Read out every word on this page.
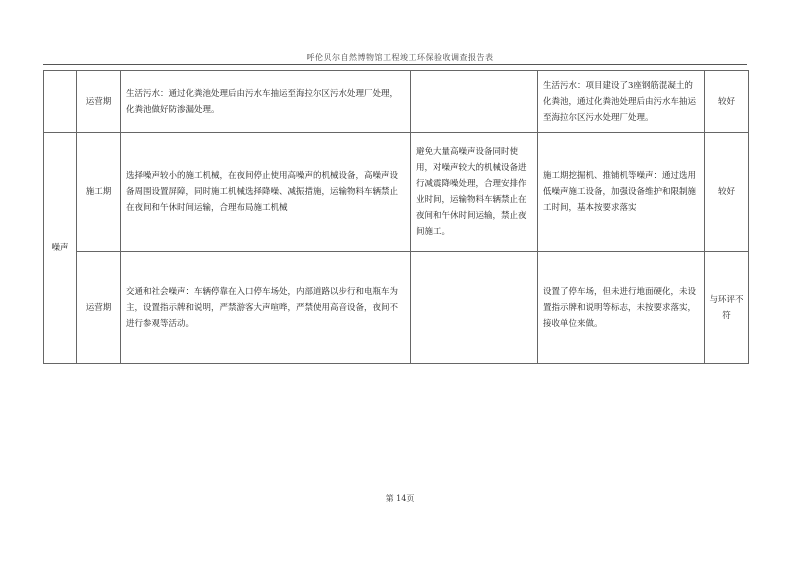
呼伦贝尔自然博物馆工程竣工环保验收调查报告表
	运营期	生活污水：通过化粪池处理后由污水车抽运至海拉尔区污水处理厂处理，化粪池做好防渗漏处理。		生活污水：项目建设了3座钢筋混凝土的化粪池，通过化粪池处理后由污水车抽运至海拉尔区污水处理厂处理。	较好
噪声	施工期	选择噪声较小的施工机械，在夜间停止使用高噪声的机械设备，高噪声设备周围设置屏障，同时施工机械选择降噪、减振措施，运输物料车辆禁止在夜间和午休时间运输，合理布局施工机械	避免大量高噪声设备同时使用，对噪声较大的机械设备进行减震降噪处理，合理安排作业时间，运输物料车辆禁止在夜间和午休时间运输，禁止夜间施工。	施工期挖掘机、推铺机等噪声：通过选用低噪声施工设备，加强设备维护和限制施工时间，基本按要求落实	较好
	运营期	交通和社会噪声：车辆停靠在入口停车场处，内部道路以步行和电瓶车为主，设置指示牌和说明，严禁游客大声喧哗，严禁使用高音设备，夜间不进行参观等活动。		设置了停车场，但未进行地面硬化，未设置指示牌和说明等标志，未按要求落实，接收单位来做。	与环评不符
第 14页
